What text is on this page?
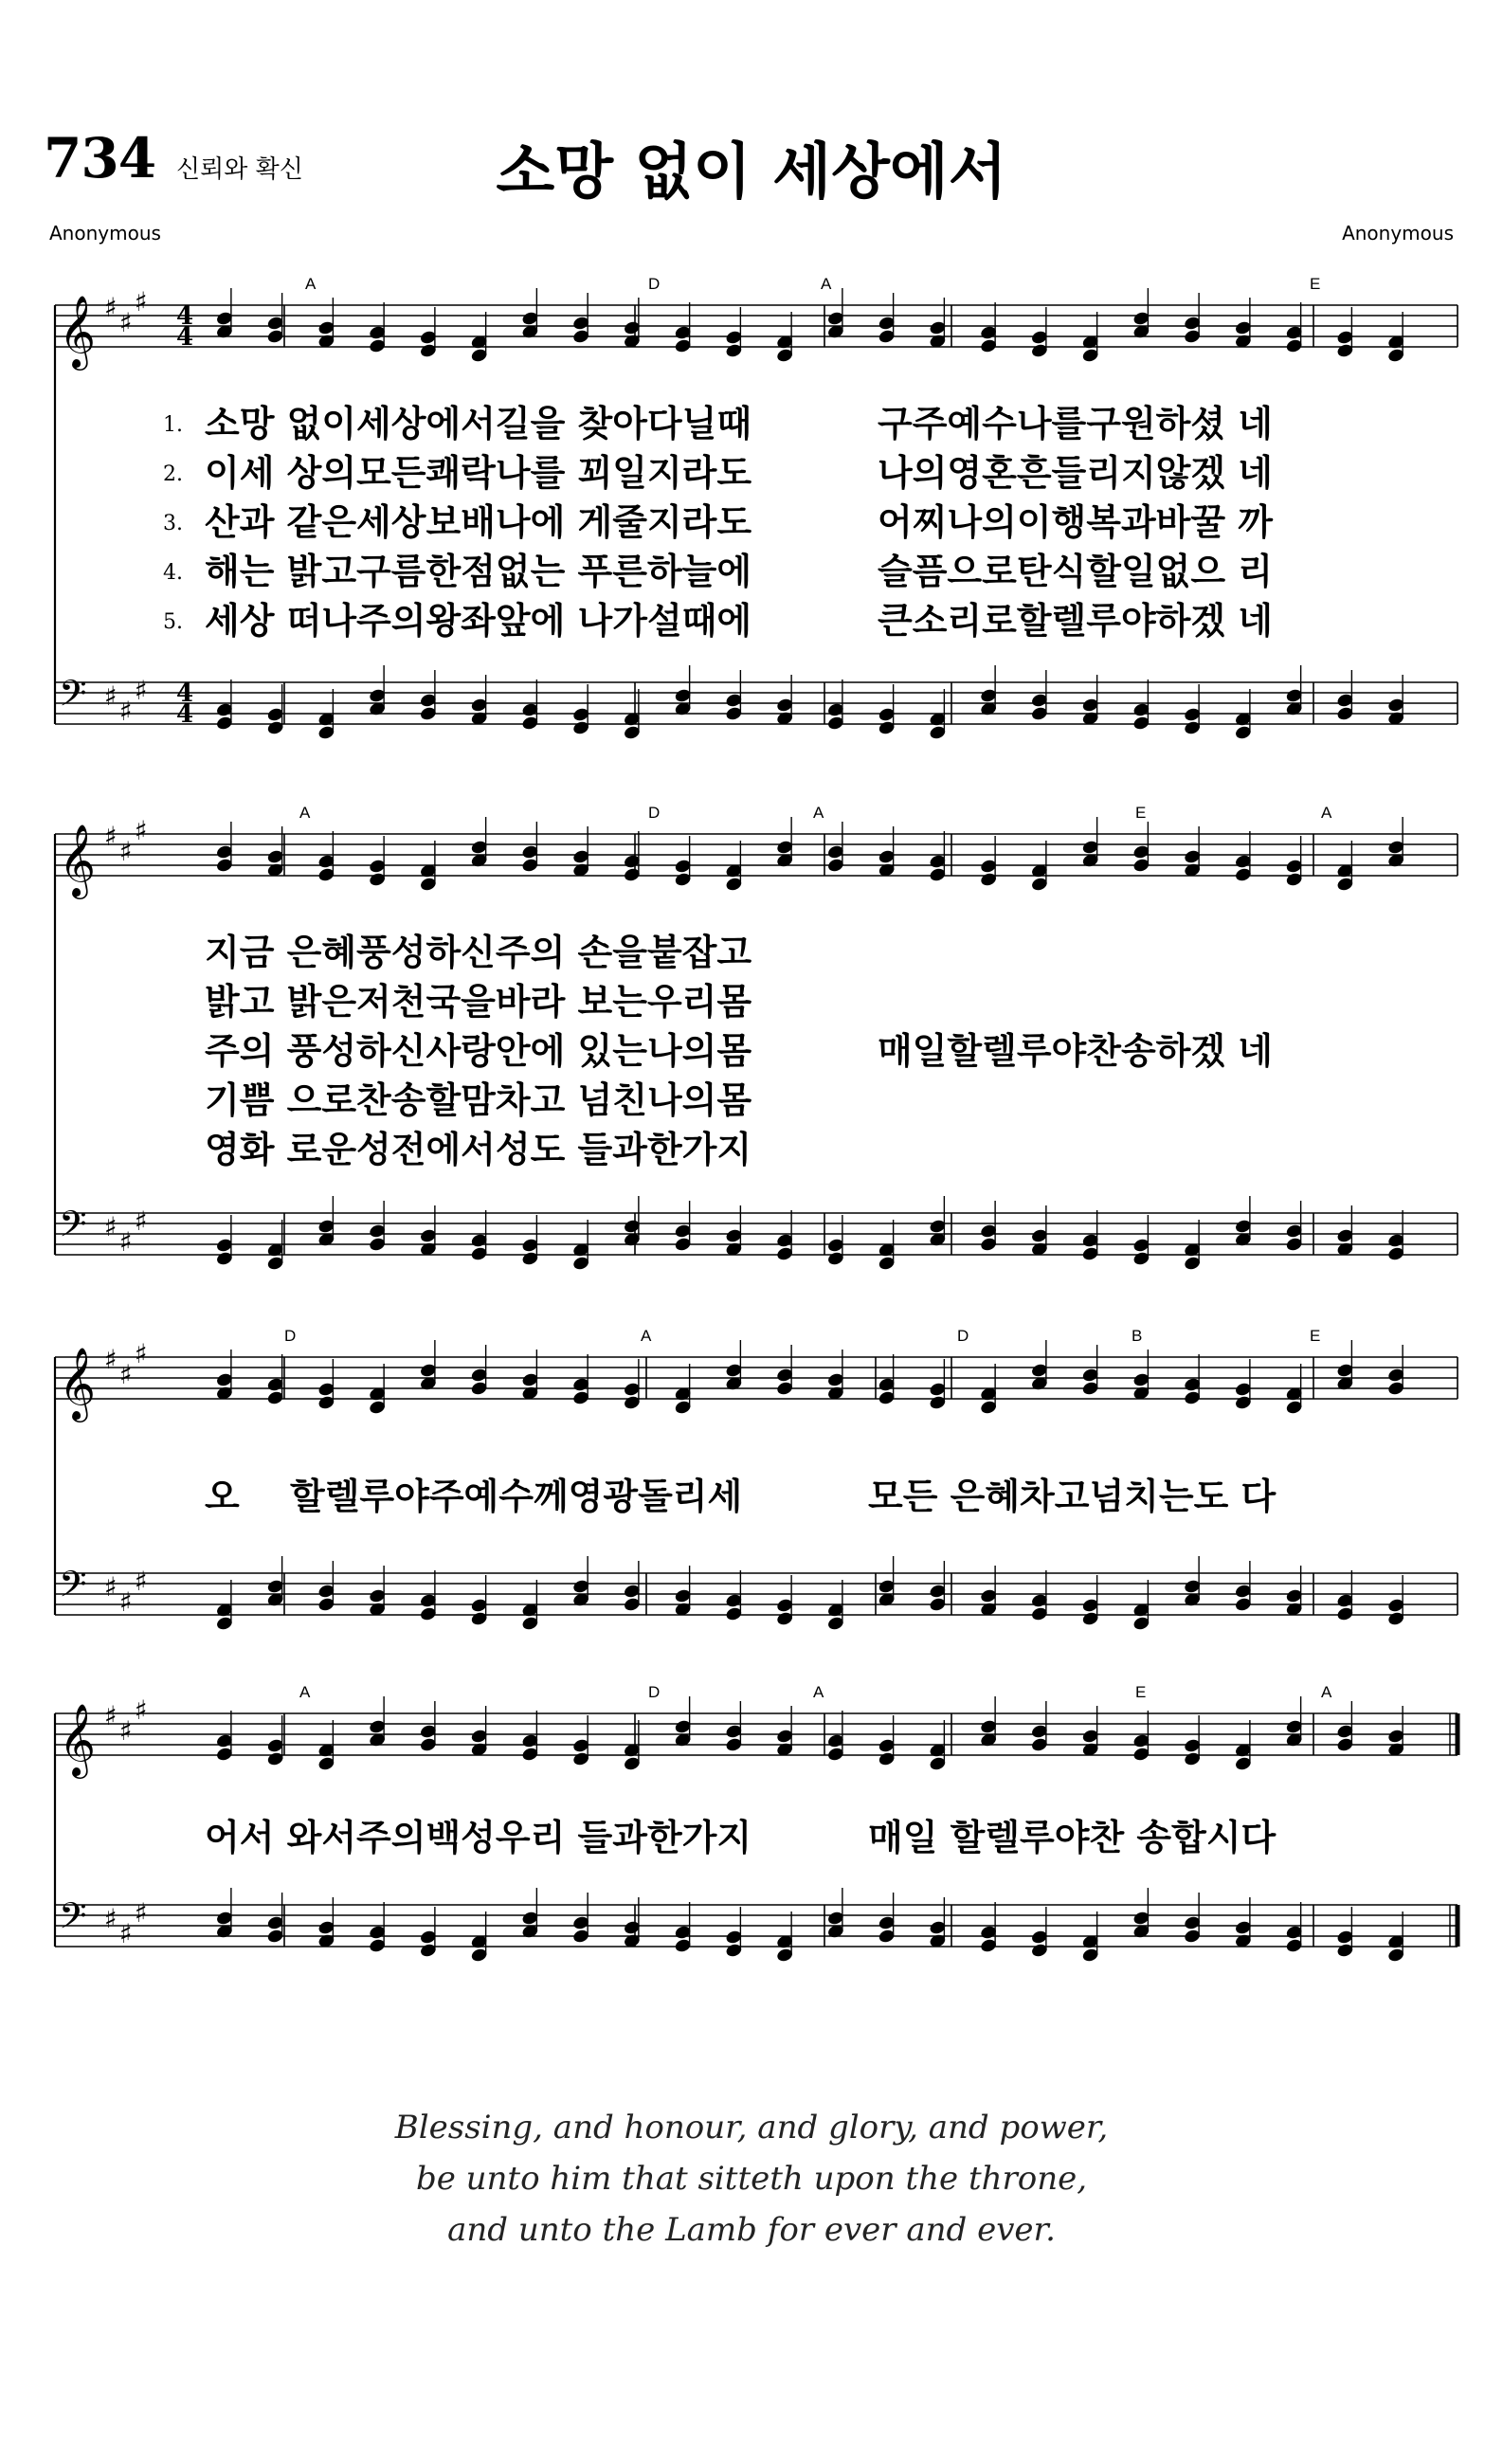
734 신뢰와 확신	소망 없이 세상에서
Anonymous	Anonymous
A	D	A	E
1.
2.
3.
4.
5.
소망 없이세상에서길을 찾아다닐때	구주예수나를구원하셨 네
이세 상의모든쾌락나를 꾀일지라도	나의영혼흔들리지않겠 네
산과 같은세상보배나에 게줄지라도	어찌나의이행복과바꿀 까
해는 밝고구름한점없는 푸른하늘에	슬픔으로탄식할일없으 리
세상 떠나주의왕좌앞에 나가설때에	큰소리로할렐루야하겠 네
A	D	A	E	A
지금 은혜풍성하신주의 손을붙잡고
밝고 밝은저천국을바라 보는우리몸
주의 풍성하신사랑안에 있는나의몸	매일할렐루야찬송하겠 네
기쁨 으로찬송할맘차고 넘친나의몸
영화 로운성전에서성도 들과한가지
D	A	D	B	E
오 할렐루야주예수께영광돌리세	모든 은혜차고넘치는도 다
A	D	A	E	A
어서 와서주의백성우리 들과한가지	매일 할렐루야찬 송합시다
𝄞
𝄢
♯ ♯
♯
♯ ♯
♯
𝄞
𝄢
♯ ♯
♯
♯ ♯
♯
𝄞
𝄢
♯ ♯
♯
♯ ♯
♯
𝄞
𝄢
♯ ♯
♯
♯ ♯
♯
4
4
4
4
Blessing, and honour, and glory, and power,
be unto him that sitteth upon the throne,
and unto the Lamb for ever and ever.
